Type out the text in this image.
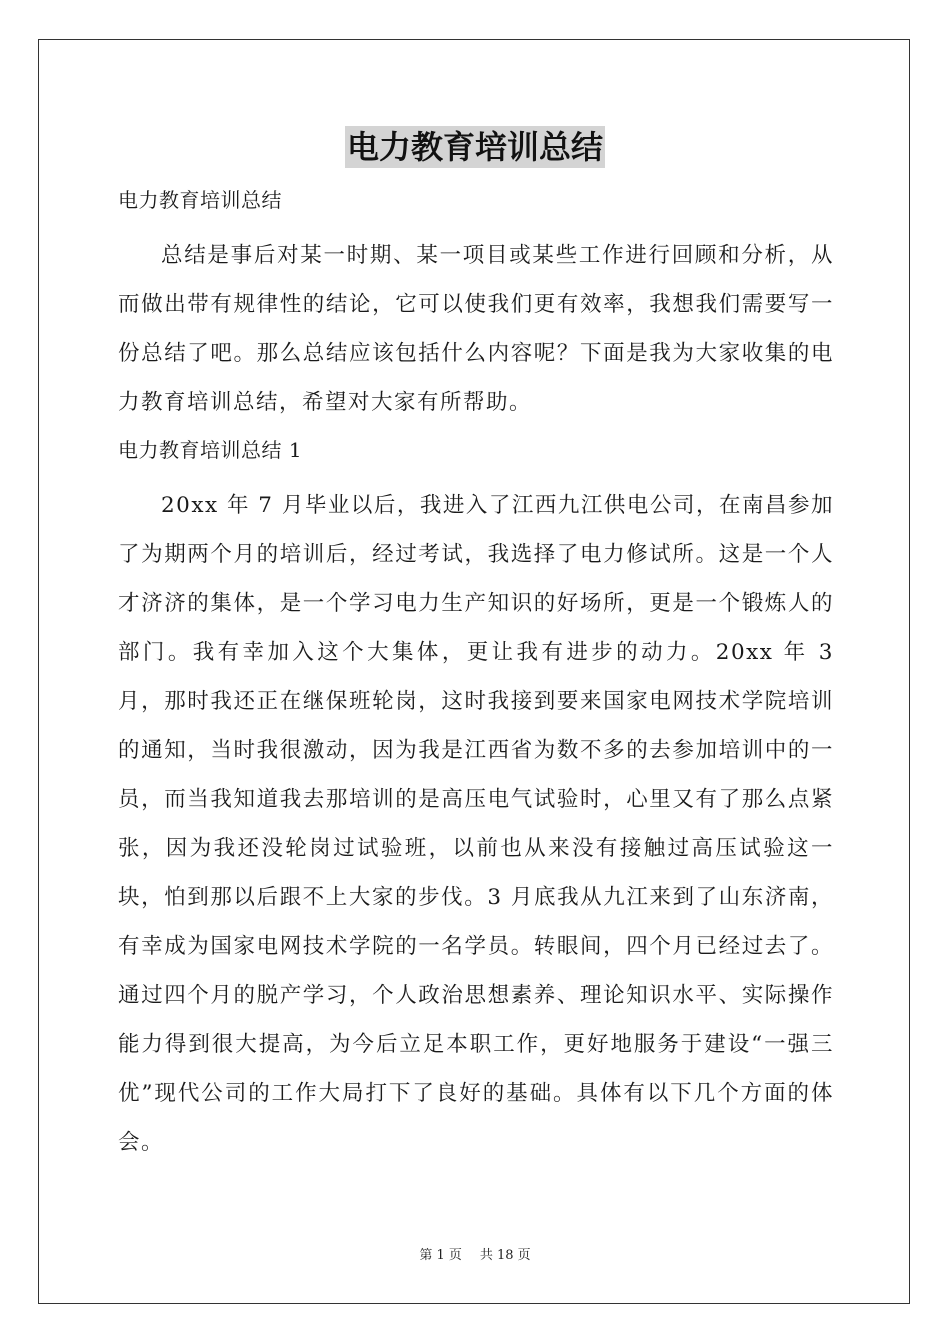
电力教育培训总结

电力教育培训总结

总结是事后对某一时期、某一项目或某些工作进行回顾和分析，从而做出带有规律性的结论，它可以使我们更有效率，我想我们需要写一份总结了吧。那么总结应该包括什么内容呢？下面是我为大家收集的电力教育培训总结，希望对大家有所帮助。

电力教育培训总结 1

20xx 年 7 月毕业以后，我进入了江西九江供电公司，在南昌参加了为期两个月的培训后，经过考试，我选择了电力修试所。这是一个人才济济的集体，是一个学习电力生产知识的好场所，更是一个锻炼人的部门。我有幸加入这个大集体，更让我有进步的动力。20xx 年 3 月，那时我还正在继保班轮岗，这时我接到要来国家电网技术学院培训的通知，当时我很激动，因为我是江西省为数不多的去参加培训中的一员，而当我知道我去那培训的是高压电气试验时，心里又有了那么点紧张，因为我还没轮岗过试验班，以前也从来没有接触过高压试验这一块，怕到那以后跟不上大家的步伐。3 月底我从九江来到了山东济南，有幸成为国家电网技术学院的一名学员。转眼间，四个月已经过去了。通过四个月的脱产学习，个人政治思想素养、理论知识水平、实际操作能力得到很大提高，为今后立足本职工作，更好地服务于建设“一强三优”现代公司的工作大局打下了良好的基础。具体有以下几个方面的体会。

第 1 页 共 18 页
